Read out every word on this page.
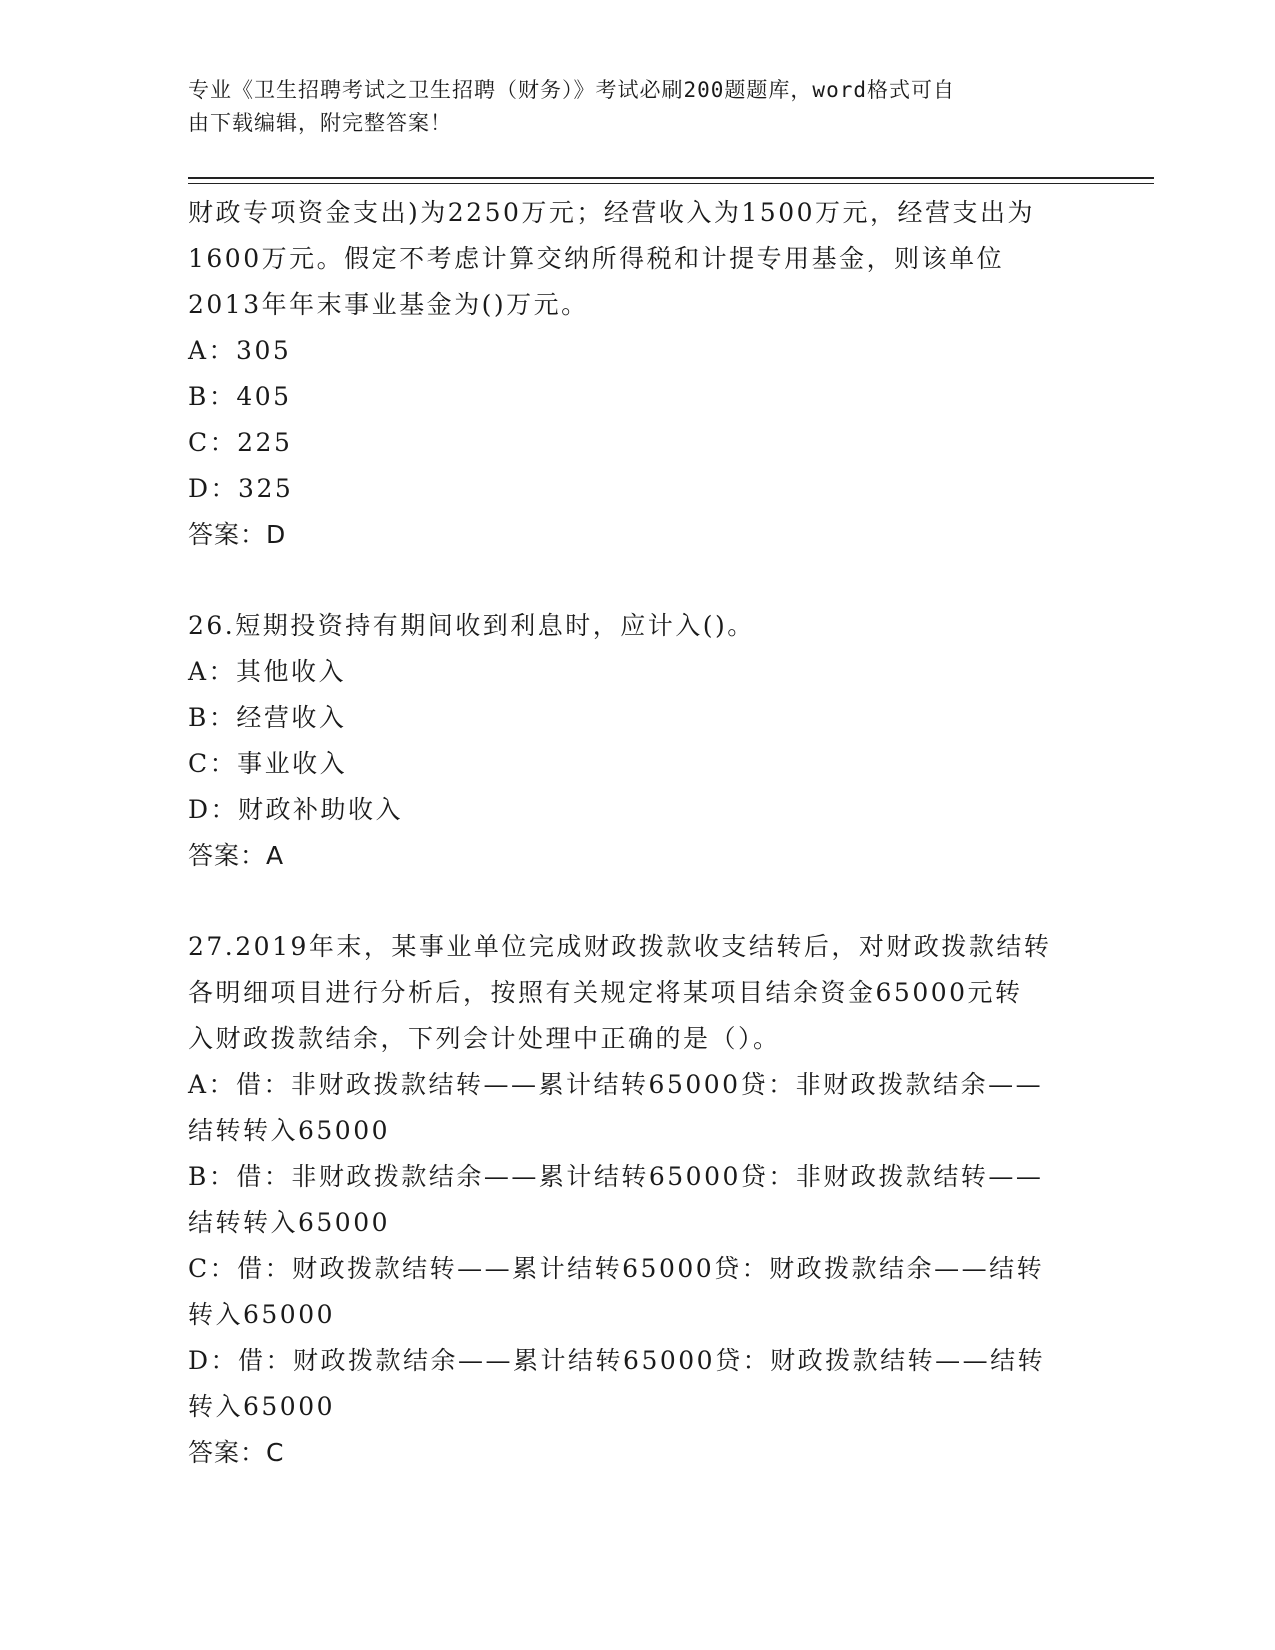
专业《卫生招聘考试之卫生招聘（财务）》考试必刷200题题库，word格式可自
由下载编辑，附完整答案！
财政专项资金支出)为2250万元；经营收入为1500万元，经营支出为
1600万元。假定不考虑计算交纳所得税和计提专用基金，则该单位
2013年年末事业基金为()万元。
A：305
B：405
C：225
D：325
答案：D
26.短期投资持有期间收到利息时，应计入()。
A：其他收入
B：经营收入
C：事业收入
D：财政补助收入
答案：A
27.2019年末，某事业单位完成财政拨款收支结转后，对财政拨款结转
各明细项目进行分析后，按照有关规定将某项目结余资金65000元转
入财政拨款结余，下列会计处理中正确的是（）。
A：借：非财政拨款结转——累计结转65000贷：非财政拨款结余——
结转转入65000
B：借：非财政拨款结余——累计结转65000贷：非财政拨款结转——
结转转入65000
C：借：财政拨款结转——累计结转65000贷：财政拨款结余——结转
转入65000
D：借：财政拨款结余——累计结转65000贷：财政拨款结转——结转
转入65000
答案：C
